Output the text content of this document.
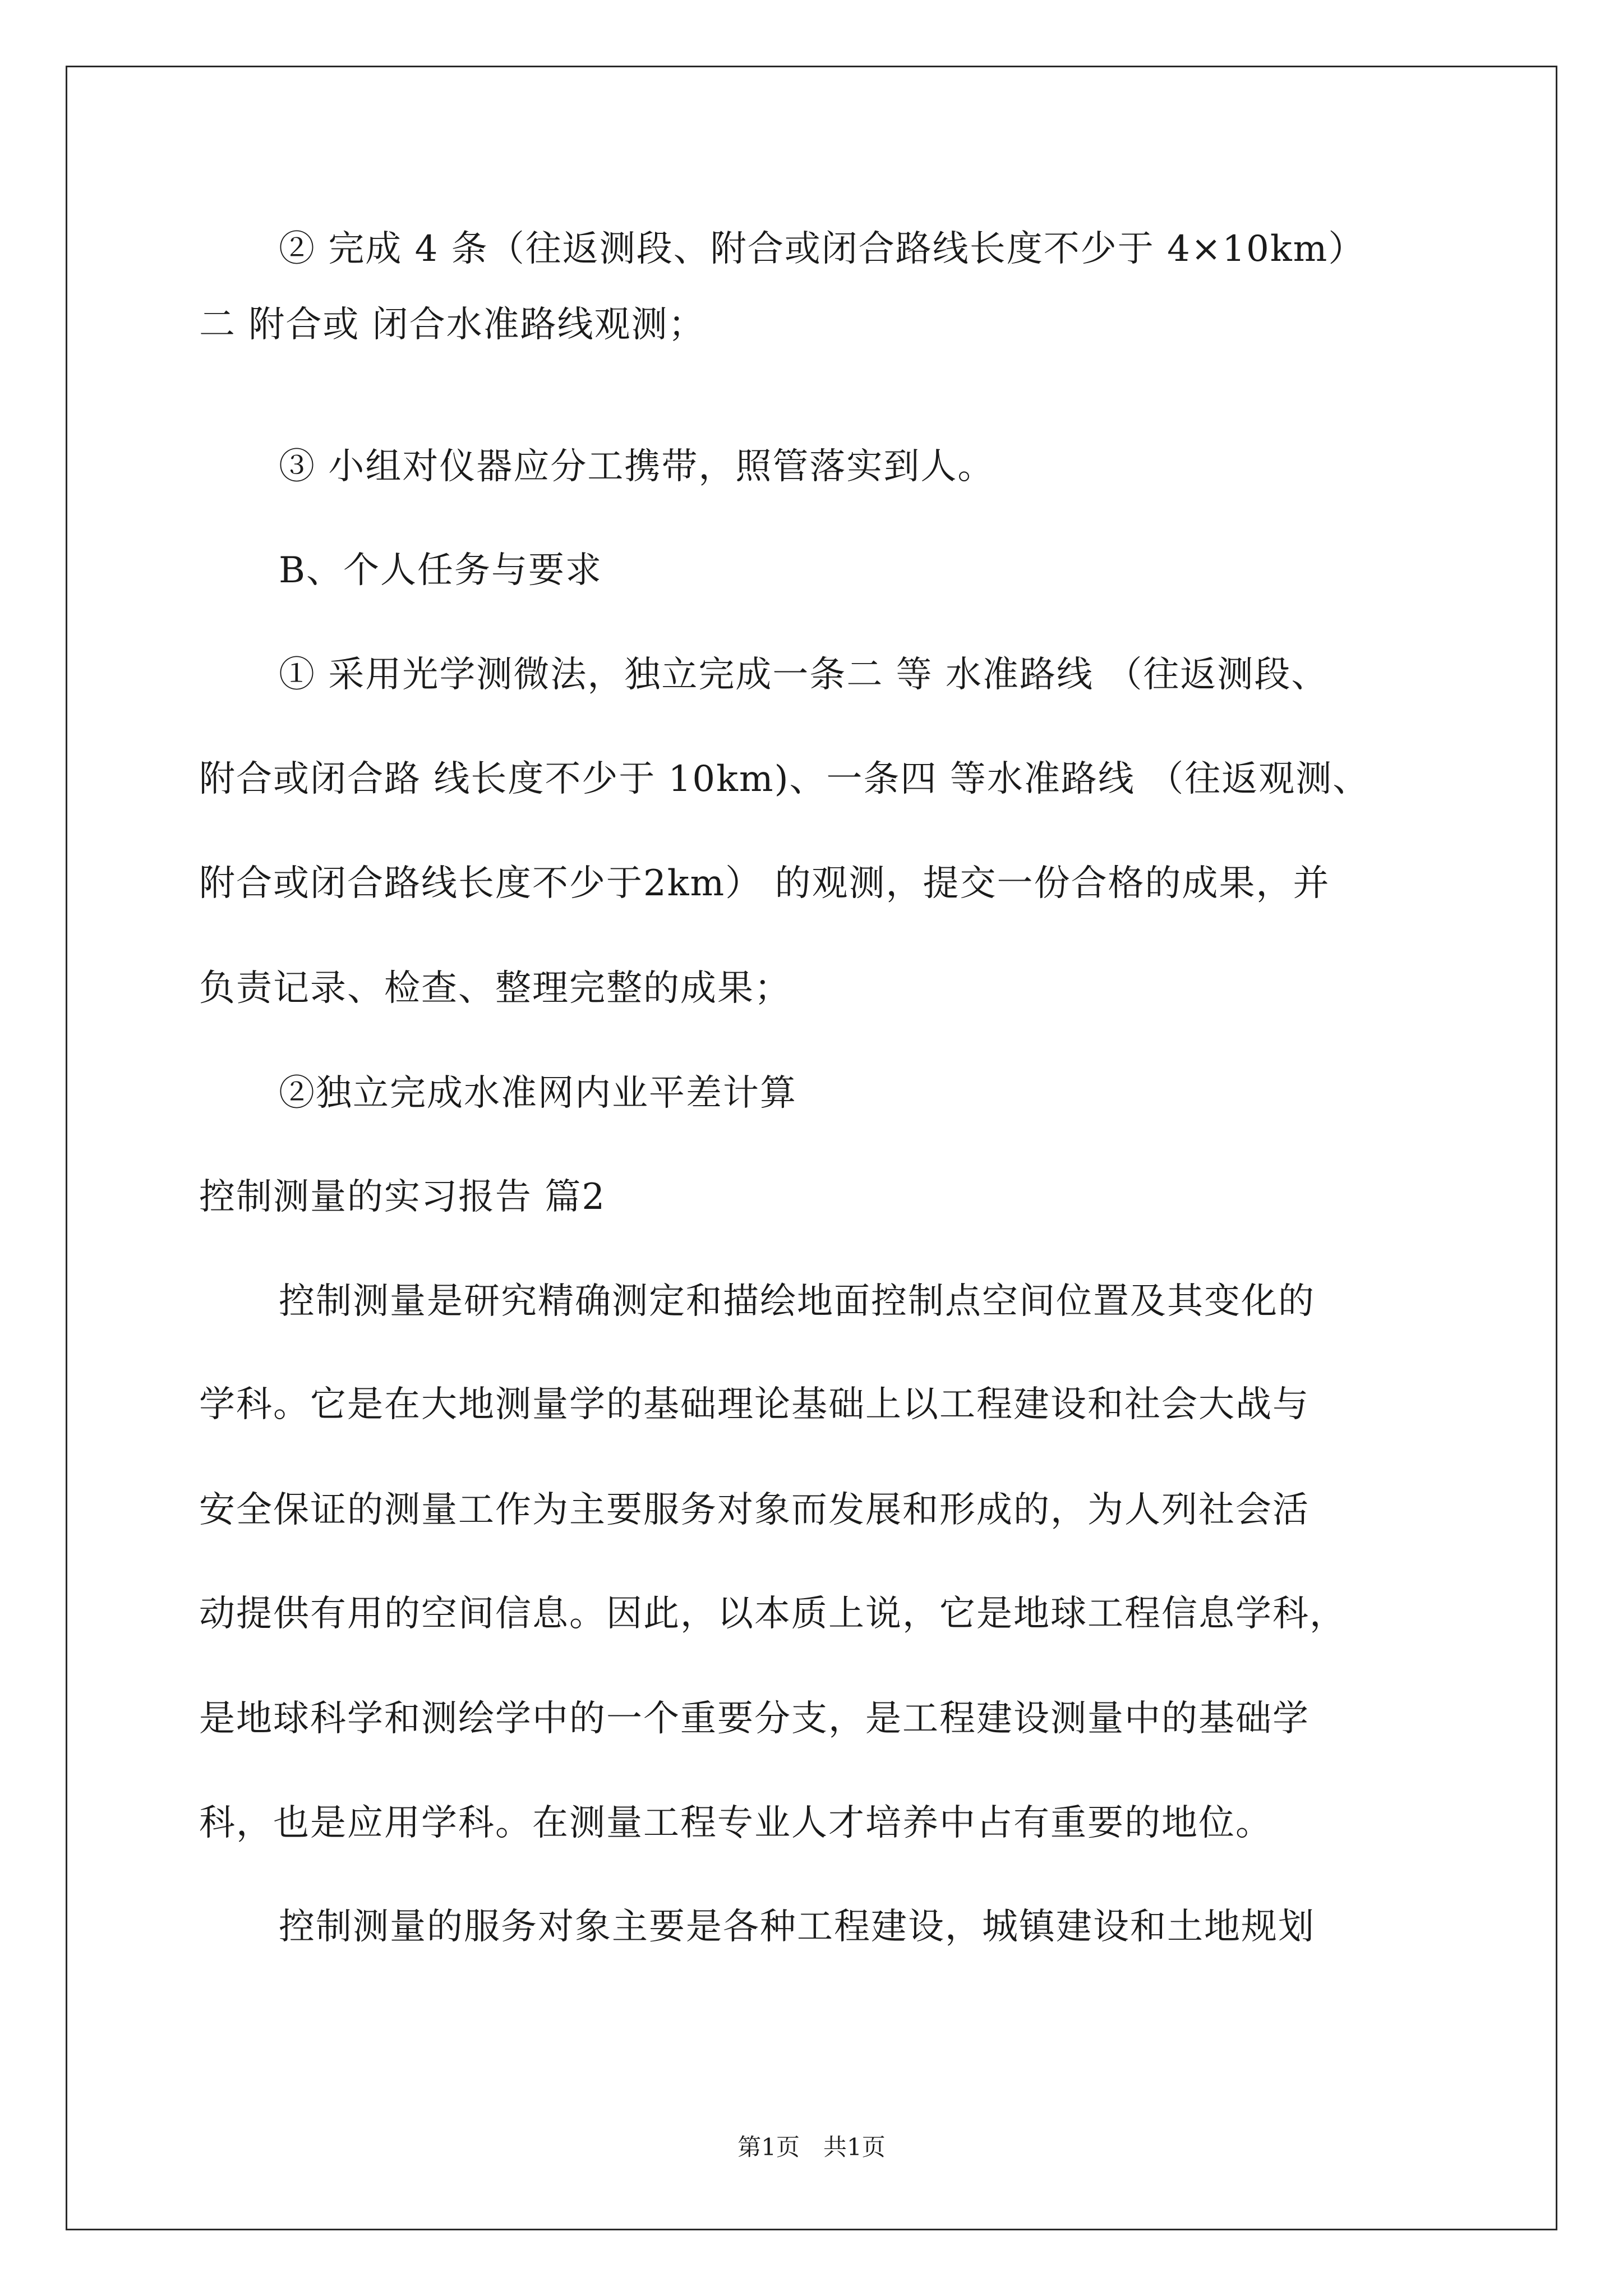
② 完成 4 条（往返测段、附合或闭合路线长度不少于 4×10km）
二 附合或 闭合水准路线观测；
③ 小组对仪器应分工携带，照管落实到人。
B、个人任务与要求
① 采用光学测微法，独立完成一条二 等 水准路线 （往返测段、
附合或闭合路 线长度不少于 10km)、一条四 等水准路线 （往返观测、
附合或闭合路线长度不少于2km） 的观测，提交一份合格的成果，并
负责记录、检查、整理完整的成果；
②独立完成水准网内业平差计算
控制测量的实习报告 篇2
控制测量是研究精确测定和描绘地面控制点空间位置及其变化的
学科。它是在大地测量学的基础理论基础上以工程建设和社会大战与
安全保证的测量工作为主要服务对象而发展和形成的，为人列社会活
动提供有用的空间信息。因此，以本质上说，它是地球工程信息学科，
是地球科学和测绘学中的一个重要分支，是工程建设测量中的基础学
科，也是应用学科。在测量工程专业人才培养中占有重要的地位。
控制测量的服务对象主要是各种工程建设，城镇建设和土地规划
第1页　共1页
